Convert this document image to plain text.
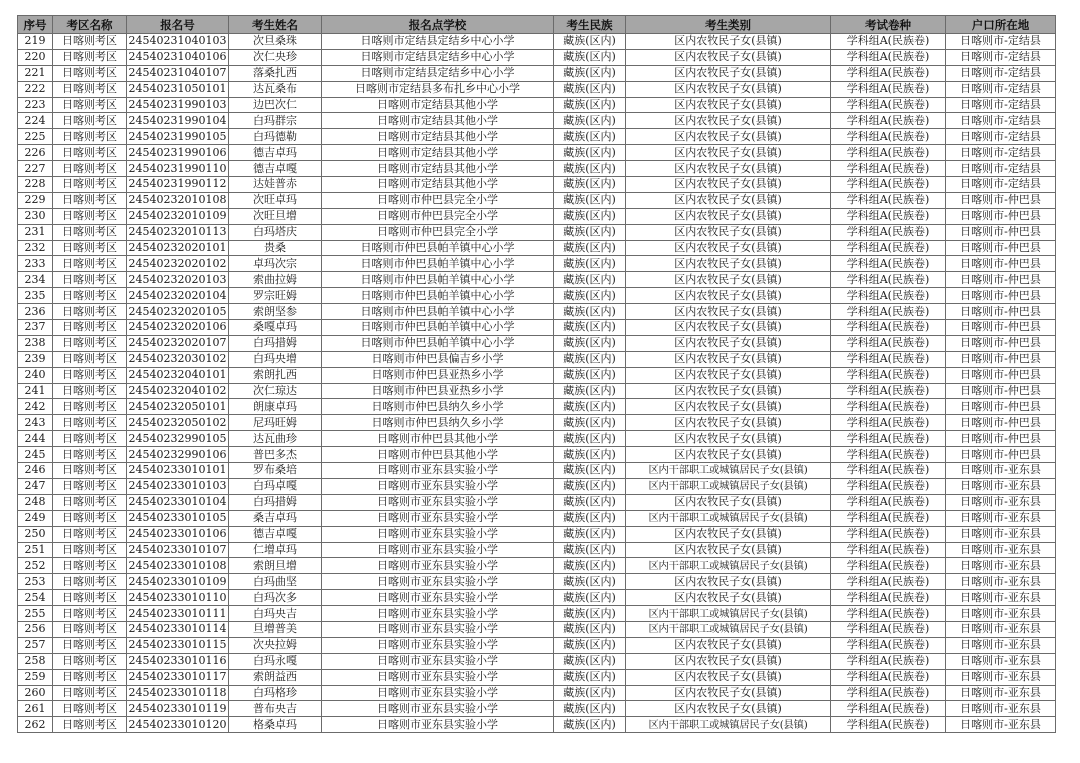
序号	考区名称	报名号	考生姓名	报名点学校	考生民族	考生类别	考试卷种	户口所在地
219	日喀则考区	24540231040103	次旦桑珠	日喀则市定结县定结乡中心小学	藏族(区内)	区内农牧民子女(县镇)	学科组A(民族卷)	日喀则市-定结县
220	日喀则考区	24540231040106	次仁央珍	日喀则市定结县定结乡中心小学	藏族(区内)	区内农牧民子女(县镇)	学科组A(民族卷)	日喀则市-定结县
221	日喀则考区	24540231040107	落桑扎西	日喀则市定结县定结乡中心小学	藏族(区内)	区内农牧民子女(县镇)	学科组A(民族卷)	日喀则市-定结县
222	日喀则考区	24540231050101	达瓦桑布	日喀则市定结县多布扎乡中心小学	藏族(区内)	区内农牧民子女(县镇)	学科组A(民族卷)	日喀则市-定结县
223	日喀则考区	24540231990103	边巴次仁	日喀则市定结县其他小学	藏族(区内)	区内农牧民子女(县镇)	学科组A(民族卷)	日喀则市-定结县
224	日喀则考区	24540231990104	白玛群宗	日喀则市定结县其他小学	藏族(区内)	区内农牧民子女(县镇)	学科组A(民族卷)	日喀则市-定结县
225	日喀则考区	24540231990105	白玛德勒	日喀则市定结县其他小学	藏族(区内)	区内农牧民子女(县镇)	学科组A(民族卷)	日喀则市-定结县
226	日喀则考区	24540231990106	德吉卓玛	日喀则市定结县其他小学	藏族(区内)	区内农牧民子女(县镇)	学科组A(民族卷)	日喀则市-定结县
227	日喀则考区	24540231990110	德吉卓嘎	日喀则市定结县其他小学	藏族(区内)	区内农牧民子女(县镇)	学科组A(民族卷)	日喀则市-定结县
228	日喀则考区	24540231990112	达娃普赤	日喀则市定结县其他小学	藏族(区内)	区内农牧民子女(县镇)	学科组A(民族卷)	日喀则市-定结县
229	日喀则考区	24540232010108	次旺卓玛	日喀则市仲巴县完全小学	藏族(区内)	区内农牧民子女(县镇)	学科组A(民族卷)	日喀则市-仲巴县
230	日喀则考区	24540232010109	次旺旦增	日喀则市仲巴县完全小学	藏族(区内)	区内农牧民子女(县镇)	学科组A(民族卷)	日喀则市-仲巴县
231	日喀则考区	24540232010113	白玛塔庆	日喀则市仲巴县完全小学	藏族(区内)	区内农牧民子女(县镇)	学科组A(民族卷)	日喀则市-仲巴县
232	日喀则考区	24540232020101	贵桑	日喀则市仲巴县帕羊镇中心小学	藏族(区内)	区内农牧民子女(县镇)	学科组A(民族卷)	日喀则市-仲巴县
233	日喀则考区	24540232020102	卓玛次宗	日喀则市仲巴县帕羊镇中心小学	藏族(区内)	区内农牧民子女(县镇)	学科组A(民族卷)	日喀则市-仲巴县
234	日喀则考区	24540232020103	索曲拉姆	日喀则市仲巴县帕羊镇中心小学	藏族(区内)	区内农牧民子女(县镇)	学科组A(民族卷)	日喀则市-仲巴县
235	日喀则考区	24540232020104	罗宗旺姆	日喀则市仲巴县帕羊镇中心小学	藏族(区内)	区内农牧民子女(县镇)	学科组A(民族卷)	日喀则市-仲巴县
236	日喀则考区	24540232020105	索朗坚参	日喀则市仲巴县帕羊镇中心小学	藏族(区内)	区内农牧民子女(县镇)	学科组A(民族卷)	日喀则市-仲巴县
237	日喀则考区	24540232020106	桑嘎卓玛	日喀则市仲巴县帕羊镇中心小学	藏族(区内)	区内农牧民子女(县镇)	学科组A(民族卷)	日喀则市-仲巴县
238	日喀则考区	24540232020107	白玛措姆	日喀则市仲巴县帕羊镇中心小学	藏族(区内)	区内农牧民子女(县镇)	学科组A(民族卷)	日喀则市-仲巴县
239	日喀则考区	24540232030102	白玛央增	日喀则市仲巴县偏吉乡小学	藏族(区内)	区内农牧民子女(县镇)	学科组A(民族卷)	日喀则市-仲巴县
240	日喀则考区	24540232040101	索朗扎西	日喀则市仲巴县亚热乡小学	藏族(区内)	区内农牧民子女(县镇)	学科组A(民族卷)	日喀则市-仲巴县
241	日喀则考区	24540232040102	次仁琼达	日喀则市仲巴县亚热乡小学	藏族(区内)	区内农牧民子女(县镇)	学科组A(民族卷)	日喀则市-仲巴县
242	日喀则考区	24540232050101	朗康卓玛	日喀则市仲巴县纳久乡小学	藏族(区内)	区内农牧民子女(县镇)	学科组A(民族卷)	日喀则市-仲巴县
243	日喀则考区	24540232050102	尼玛旺姆	日喀则市仲巴县纳久乡小学	藏族(区内)	区内农牧民子女(县镇)	学科组A(民族卷)	日喀则市-仲巴县
244	日喀则考区	24540232990105	达瓦曲珍	日喀则市仲巴县其他小学	藏族(区内)	区内农牧民子女(县镇)	学科组A(民族卷)	日喀则市-仲巴县
245	日喀则考区	24540232990106	普巴多杰	日喀则市仲巴县其他小学	藏族(区内)	区内农牧民子女(县镇)	学科组A(民族卷)	日喀则市-仲巴县
246	日喀则考区	24540233010101	罗布桑培	日喀则市亚东县实验小学	藏族(区内)	区内干部职工或城镇居民子女(县镇)	学科组A(民族卷)	日喀则市-亚东县
247	日喀则考区	24540233010103	白玛卓嘎	日喀则市亚东县实验小学	藏族(区内)	区内干部职工或城镇居民子女(县镇)	学科组A(民族卷)	日喀则市-亚东县
248	日喀则考区	24540233010104	白玛措姆	日喀则市亚东县实验小学	藏族(区内)	区内农牧民子女(县镇)	学科组A(民族卷)	日喀则市-亚东县
249	日喀则考区	24540233010105	桑吉卓玛	日喀则市亚东县实验小学	藏族(区内)	区内干部职工或城镇居民子女(县镇)	学科组A(民族卷)	日喀则市-亚东县
250	日喀则考区	24540233010106	德吉卓嘎	日喀则市亚东县实验小学	藏族(区内)	区内农牧民子女(县镇)	学科组A(民族卷)	日喀则市-亚东县
251	日喀则考区	24540233010107	仁增卓玛	日喀则市亚东县实验小学	藏族(区内)	区内农牧民子女(县镇)	学科组A(民族卷)	日喀则市-亚东县
252	日喀则考区	24540233010108	索朗旦增	日喀则市亚东县实验小学	藏族(区内)	区内干部职工或城镇居民子女(县镇)	学科组A(民族卷)	日喀则市-亚东县
253	日喀则考区	24540233010109	白玛曲坚	日喀则市亚东县实验小学	藏族(区内)	区内农牧民子女(县镇)	学科组A(民族卷)	日喀则市-亚东县
254	日喀则考区	24540233010110	白玛次多	日喀则市亚东县实验小学	藏族(区内)	区内农牧民子女(县镇)	学科组A(民族卷)	日喀则市-亚东县
255	日喀则考区	24540233010111	白玛央吉	日喀则市亚东县实验小学	藏族(区内)	区内干部职工或城镇居民子女(县镇)	学科组A(民族卷)	日喀则市-亚东县
256	日喀则考区	24540233010114	旦增普美	日喀则市亚东县实验小学	藏族(区内)	区内干部职工或城镇居民子女(县镇)	学科组A(民族卷)	日喀则市-亚东县
257	日喀则考区	24540233010115	次央拉姆	日喀则市亚东县实验小学	藏族(区内)	区内农牧民子女(县镇)	学科组A(民族卷)	日喀则市-亚东县
258	日喀则考区	24540233010116	白玛永嘎	日喀则市亚东县实验小学	藏族(区内)	区内农牧民子女(县镇)	学科组A(民族卷)	日喀则市-亚东县
259	日喀则考区	24540233010117	索朗益西	日喀则市亚东县实验小学	藏族(区内)	区内农牧民子女(县镇)	学科组A(民族卷)	日喀则市-亚东县
260	日喀则考区	24540233010118	白玛格珍	日喀则市亚东县实验小学	藏族(区内)	区内农牧民子女(县镇)	学科组A(民族卷)	日喀则市-亚东县
261	日喀则考区	24540233010119	普布央吉	日喀则市亚东县实验小学	藏族(区内)	区内农牧民子女(县镇)	学科组A(民族卷)	日喀则市-亚东县
262	日喀则考区	24540233010120	格桑卓玛	日喀则市亚东县实验小学	藏族(区内)	区内干部职工或城镇居民子女(县镇)	学科组A(民族卷)	日喀则市-亚东县
